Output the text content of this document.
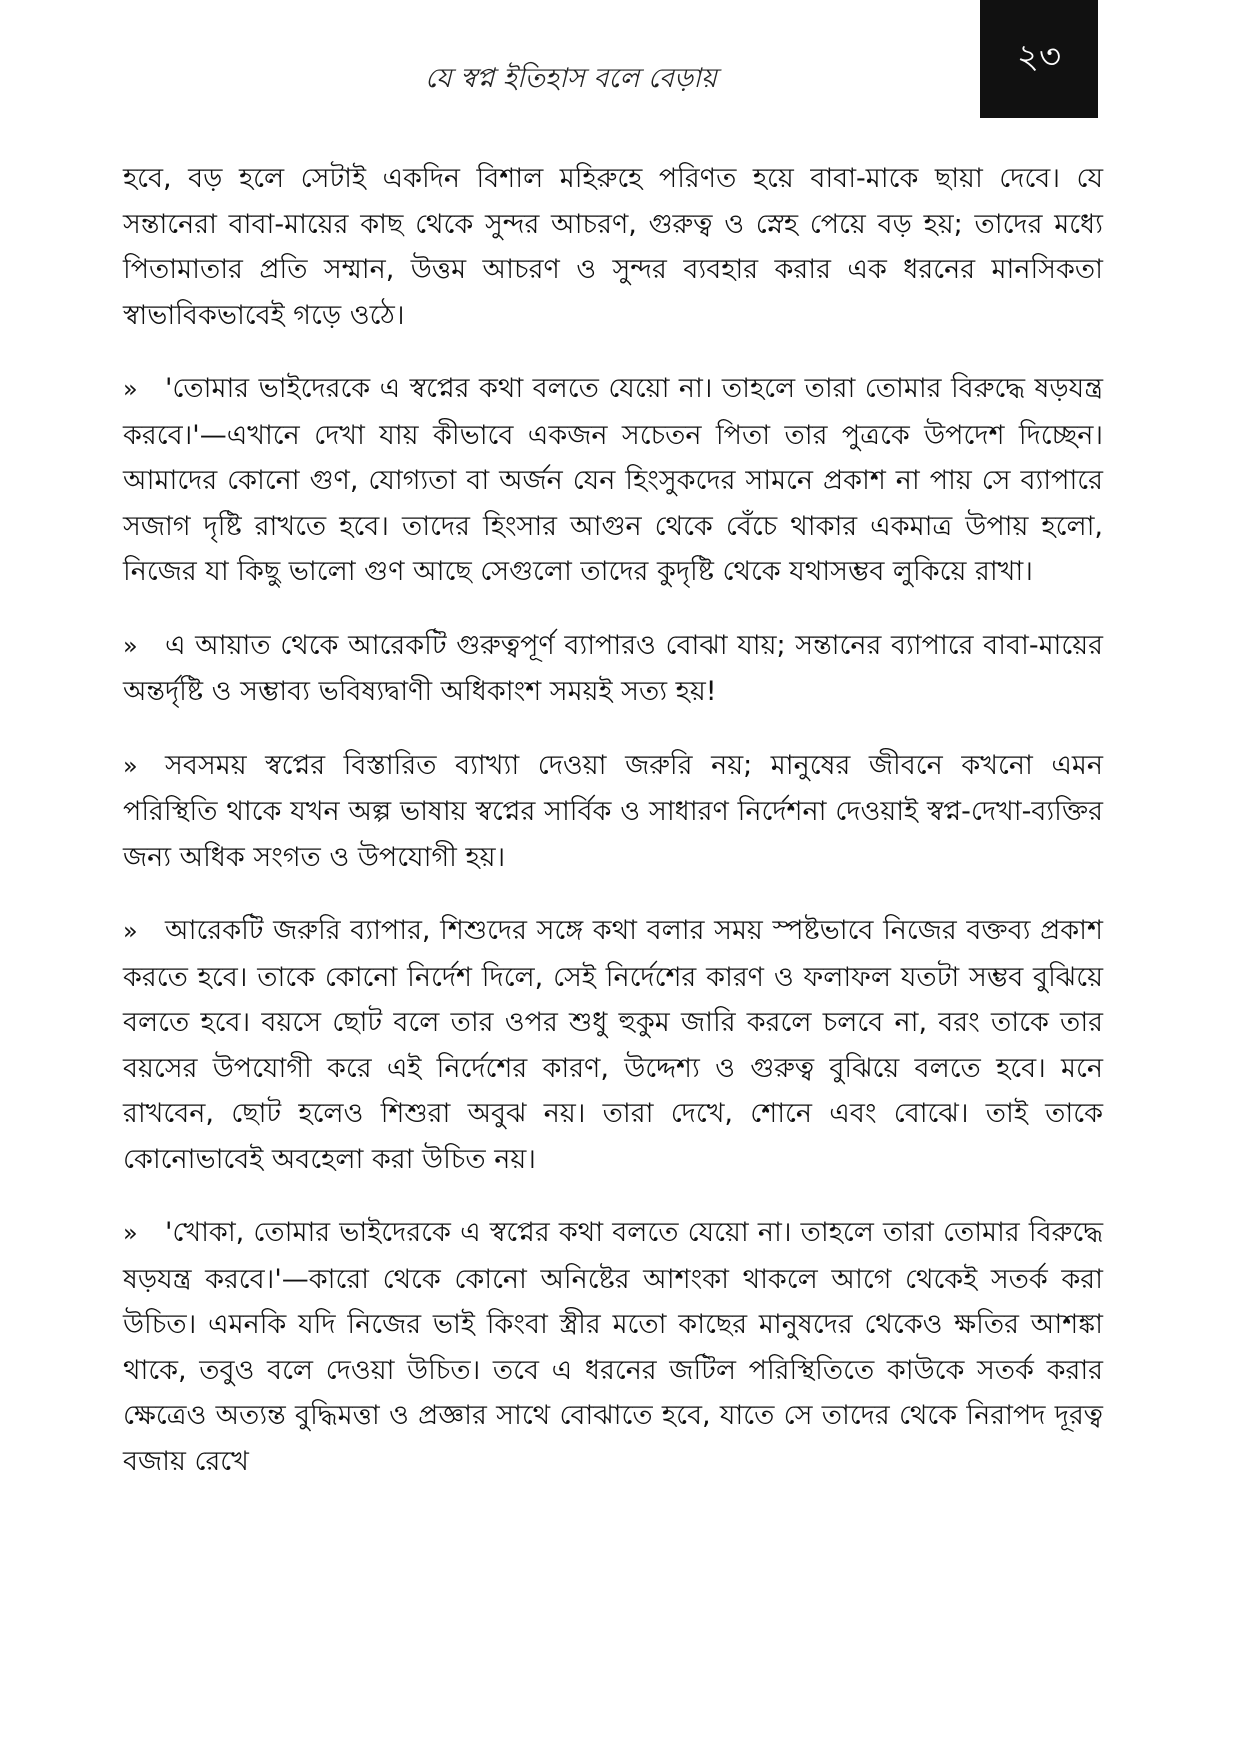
যে স্বপ্ন ইতিহাস বলে বেড়ায়
২৩

হবে, বড় হলে সেটাই একদিন বিশাল মহিরুহে পরিণত হয়ে বাবা-মাকে ছায়া দেবে। যে সন্তানেরা বাবা-মায়ের কাছ থেকে সুন্দর আচরণ, গুরুত্ব ও স্নেহ পেয়ে বড় হয়; তাদের মধ্যে পিতামাতার প্রতি সম্মান, উত্তম আচরণ ও সুন্দর ব্যবহার করার এক ধরনের মানসিকতা স্বাভাবিকভাবেই গড়ে ওঠে।

» 'তোমার ভাইদেরকে এ স্বপ্নের কথা বলতে যেয়ো না। তাহলে তারা তোমার বিরুদ্ধে ষড়যন্ত্র করবে।'—এখানে দেখা যায় কীভাবে একজন সচেতন পিতা তার পুত্রকে উপদেশ দিচ্ছেন। আমাদের কোনো গুণ, যোগ্যতা বা অর্জন যেন হিংসুকদের সামনে প্রকাশ না পায় সে ব্যাপারে সজাগ দৃষ্টি রাখতে হবে। তাদের হিংসার আগুন থেকে বেঁচে থাকার একমাত্র উপায় হলো, নিজের যা কিছু ভালো গুণ আছে সেগুলো তাদের কুদৃষ্টি থেকে যথাসম্ভব লুকিয়ে রাখা।

» এ আয়াত থেকে আরেকটি গুরুত্বপূর্ণ ব্যাপারও বোঝা যায়; সন্তানের ব্যাপারে বাবা-মায়ের অন্তর্দৃষ্টি ও সম্ভাব্য ভবিষ্যদ্বাণী অধিকাংশ সময়ই সত্য হয়!

» সবসময় স্বপ্নের বিস্তারিত ব্যাখ্যা দেওয়া জরুরি নয়; মানুষের জীবনে কখনো এমন পরিস্থিতি থাকে যখন অল্প ভাষায় স্বপ্নের সার্বিক ও সাধারণ নির্দেশনা দেওয়াই স্বপ্ন-দেখা-ব্যক্তির জন্য অধিক সংগত ও উপযোগী হয়।

» আরেকটি জরুরি ব্যাপার, শিশুদের সঙ্গে কথা বলার সময় স্পষ্টভাবে নিজের বক্তব্য প্রকাশ করতে হবে। তাকে কোনো নির্দেশ দিলে, সেই নির্দেশের কারণ ও ফলাফল যতটা সম্ভব বুঝিয়ে বলতে হবে। বয়সে ছোট বলে তার ওপর শুধু হুকুম জারি করলে চলবে না, বরং তাকে তার বয়সের উপযোগী করে এই নির্দেশের কারণ, উদ্দেশ্য ও গুরুত্ব বুঝিয়ে বলতে হবে। মনে রাখবেন, ছোট হলেও শিশুরা অবুঝ নয়। তারা দেখে, শোনে এবং বোঝে। তাই তাকে কোনোভাবেই অবহেলা করা উচিত নয়।

» 'খোকা, তোমার ভাইদেরকে এ স্বপ্নের কথা বলতে যেয়ো না। তাহলে তারা তোমার বিরুদ্ধে ষড়যন্ত্র করবে।'—কারো থেকে কোনো অনিষ্টের আশংকা থাকলে আগে থেকেই সতর্ক করা উচিত। এমনকি যদি নিজের ভাই কিংবা স্ত্রীর মতো কাছের মানুষদের থেকেও ক্ষতির আশঙ্কা থাকে, তবুও বলে দেওয়া উচিত। তবে এ ধরনের জটিল পরিস্থিতিতে কাউকে সতর্ক করার ক্ষেত্রেও অত্যন্ত বুদ্ধিমত্তা ও প্রজ্ঞার সাথে বোঝাতে হবে, যাতে সে তাদের থেকে নিরাপদ দূরত্ব বজায় রেখে
